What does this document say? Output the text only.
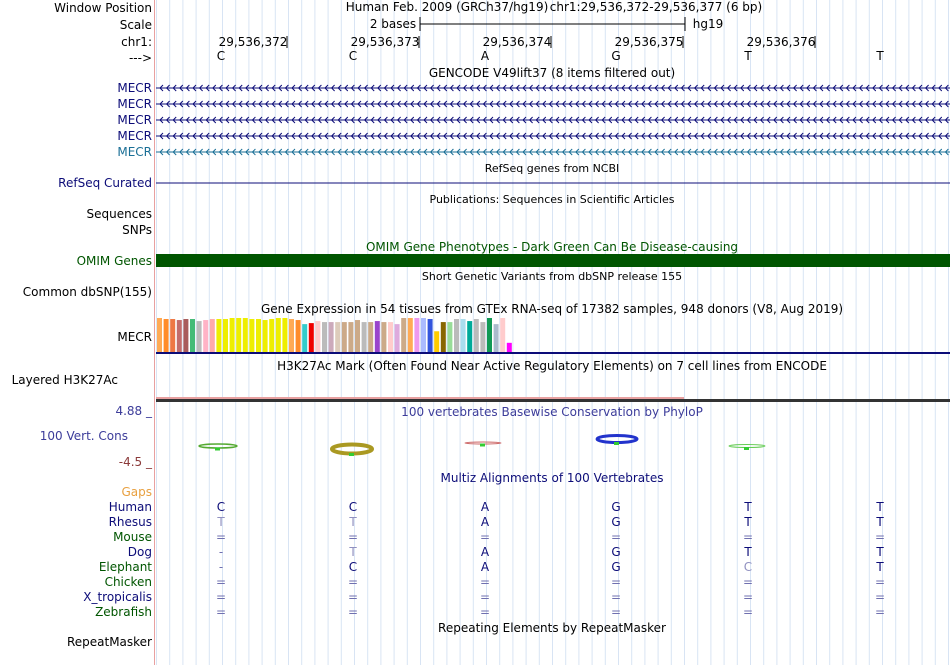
Window Position
Scale
chr1:
--->
Human Feb. 2009 (GRCh37/hg19) chr1:29,536,372-29,536,377 (6 bp)
2 bases	hg19
29,536,372	29,536,373	29,536,374	29,536,375	29,536,376
C	C	A	G	T	T
GENCODE V49lift37 (8 items filtered out)
MECR
MECR
MECR
MECR
MECR
RefSeq genes from NCBI
RefSeq Curated
Publications: Sequences in Scientific Articles
Sequences
SNPs
OMIM Gene Phenotypes - Dark Green Can Be Disease-causing
OMIM Genes
Short Genetic Variants from dbSNP release 155
Common dbSNP(155)
Gene Expression in 54 tissues from GTEx RNA-seq of 17382 samples, 948 donors (V8, Aug 2019)
MECR
H3K27Ac Mark (Often Found Near Active Regulatory Elements) on 7 cell lines from ENCODE
Layered H3K27Ac
100 vertebrates Basewise Conservation by PhyloP
4.88 _
100 Vert. Cons
-4.5 _
Multiz Alignments of 100 Vertebrates
Gaps
Human	C	C	A	G	T	T
Rhesus	T	T	A	G	T	T
Mouse	=	=	=	=	=	=
Dog	-	T	A	G	T	T
Elephant	-	C	A	G	C	T
Chicken	=	=	=	=	=	=
X_tropicalis	=	=	=	=	=	=
Zebrafish	=	=	=	=	=	=
Repeating Elements by RepeatMasker
RepeatMasker
